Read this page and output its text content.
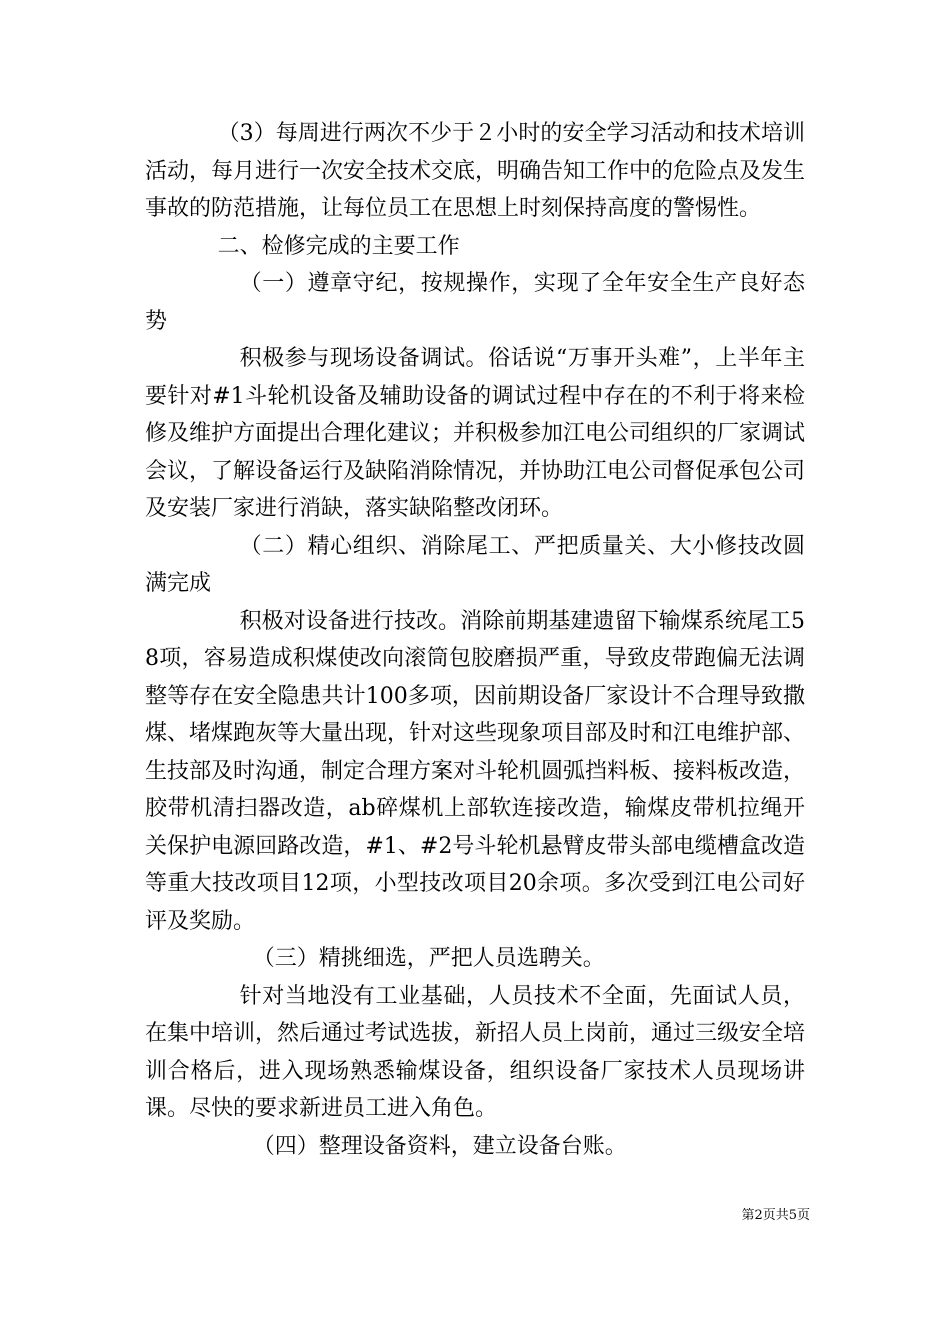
（3）每周进行两次不少于２小时的安全学习活动和技术培训活动，每月进行一次安全技术交底，明确告知工作中的危险点及发生事故的防范措施，让每位员工在思想上时刻保持高度的警惕性。

二、检修完成的主要工作

（一）遵章守纪，按规操作，实现了全年安全生产良好态势

积极参与现场设备调试。俗话说“万事开头难”，上半年主要针对#1斗轮机设备及辅助设备的调试过程中存在的不利于将来检修及维护方面提出合理化建议；并积极参加江电公司组织的厂家调试会议，了解设备运行及缺陷消除情况，并协助江电公司督促承包公司及安装厂家进行消缺，落实缺陷整改闭环。

（二）精心组织、消除尾工、严把质量关、大小修技改圆满完成

积极对设备进行技改。消除前期基建遗留下输煤系统尾工58项，容易造成积煤使改向滚筒包胶磨损严重，导致皮带跑偏无法调整等存在安全隐患共计100多项，因前期设备厂家设计不合理导致撒煤、堵煤跑灰等大量出现，针对这些现象项目部及时和江电维护部、生技部及时沟通，制定合理方案对斗轮机圆弧挡料板、接料板改造，胶带机清扫器改造，ab碎煤机上部软连接改造，输煤皮带机拉绳开关保护电源回路改造，#1、#2号斗轮机悬臂皮带头部电缆槽盒改造等重大技改项目12项，小型技改项目20余项。多次受到江电公司好评及奖励。

（三）精挑细选，严把人员选聘关。

针对当地没有工业基础，人员技术不全面，先面试人员，在集中培训，然后通过考试选拔，新招人员上岗前，通过三级安全培训合格后，进入现场熟悉输煤设备，组织设备厂家技术人员现场讲课。尽快的要求新进员工进入角色。

（四）整理设备资料，建立设备台账。

第2页共5页
